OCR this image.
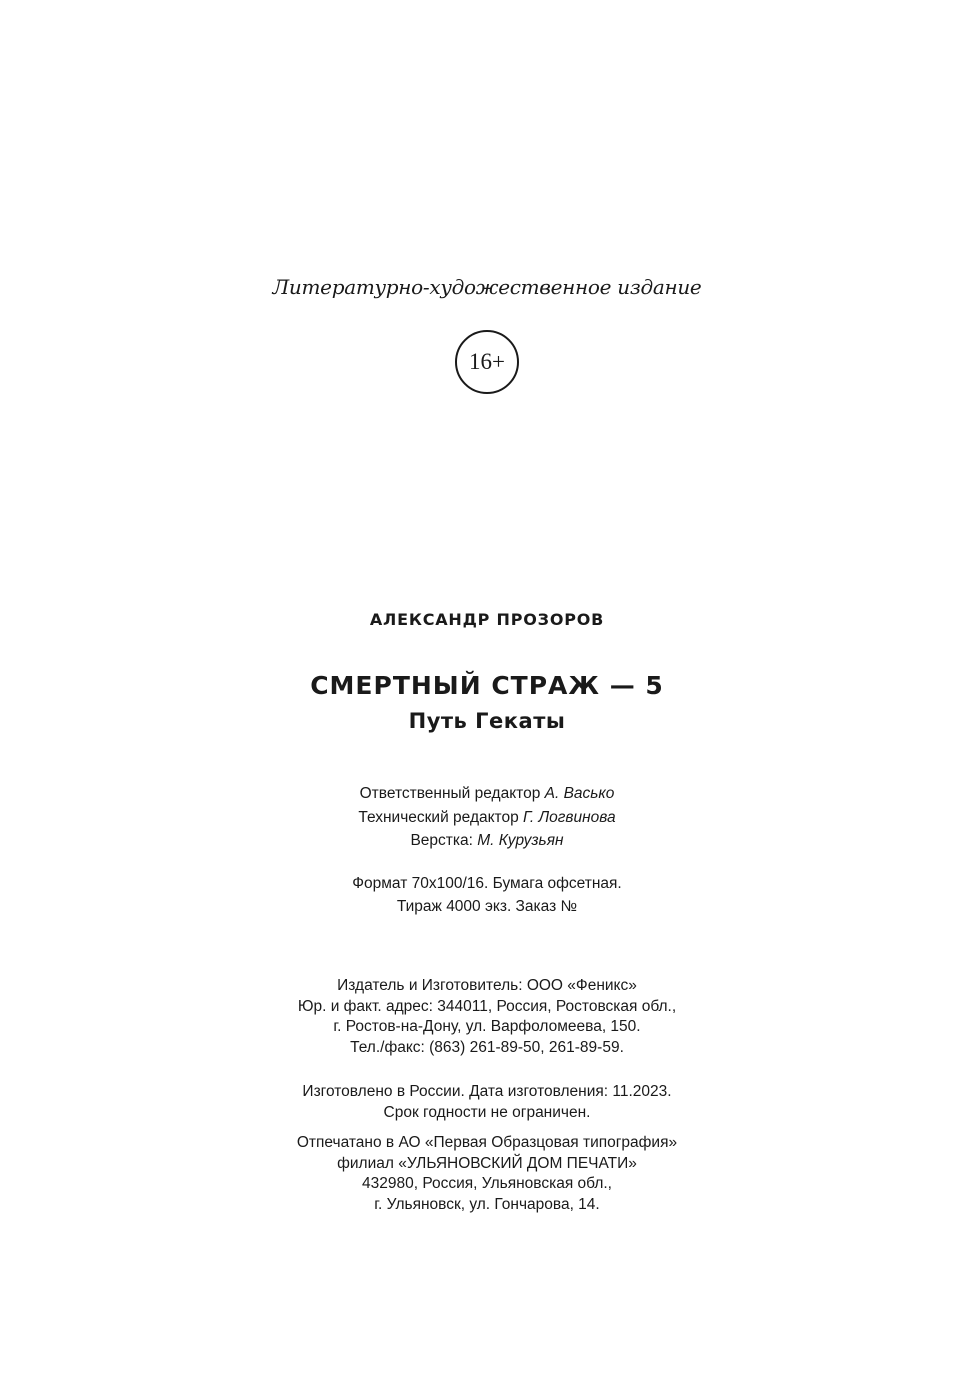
Литературно-художественное издание
16+
АЛЕКСАНДР ПРОЗОРОВ
СМЕРТНЫЙ СТРАЖ — 5
Путь Гекаты
Ответственный редактор А. Васько
Технический редактор Г. Логвинова
Верстка: М. Курузьян
Формат 70x100/16. Бумага офсетная.
Тираж 4000 экз. Заказ №
Издатель и Изготовитель: ООО «Феникс»
Юр. и факт. адрес: 344011, Россия, Ростовская обл.,
г. Ростов-на-Дону, ул. Варфоломеева, 150.
Тел./факс: (863) 261-89-50, 261-89-59.
Изготовлено в России. Дата изготовления: 11.2023.
Срок годности не ограничен.
Отпечатано в АО «Первая Образцовая типография»
филиал «УЛЬЯНОВСКИЙ ДОМ ПЕЧАТИ»
432980, Россия, Ульяновская обл.,
г. Ульяновск, ул. Гончарова, 14.
